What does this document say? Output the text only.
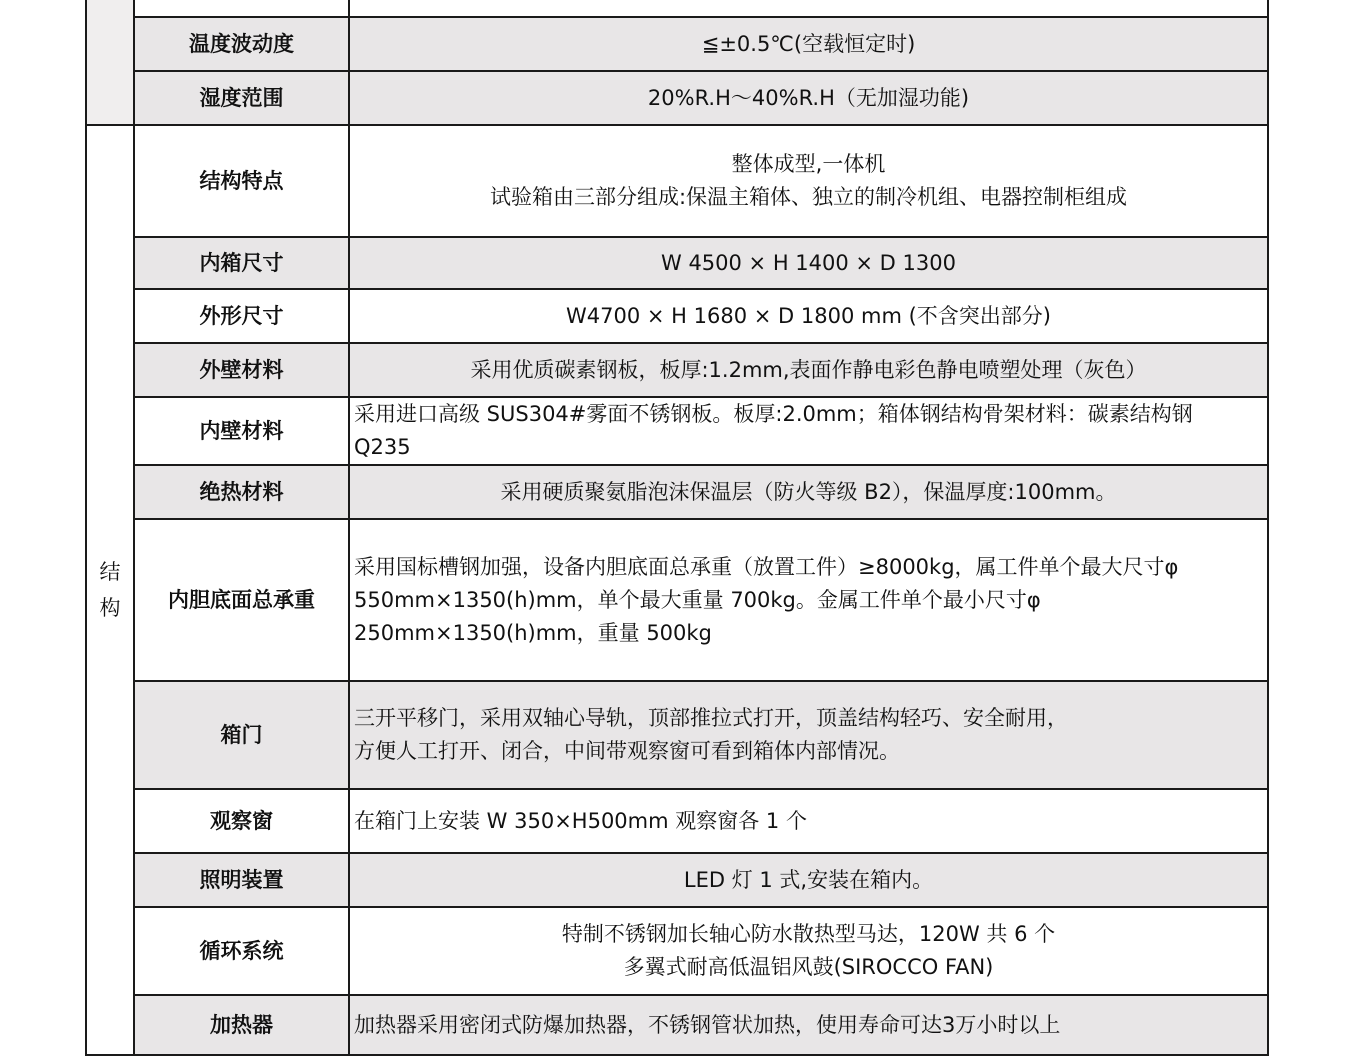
	温度波动度	≦±0.5℃(空载恒定时)

	湿度范围	20%R.H～40%R.H（无加湿功能)

结构	结构特点	整体成型,一体机
试验箱由三部分组成:保温主箱体、独立的制冷机组、电器控制柜组成

	内箱尺寸	W 4500 × H 1400 × D 1300

	外形尺寸	W4700 × H 1680 × D 1800 mm (不含突出部分)

	外壁材料	采用优质碳素钢板，板厚:1.2mm,表面作静电彩色静电喷塑处理（灰色）

	内壁材料	采用进口高级 SUS304#雾面不锈钢板。板厚:2.0mm；箱体钢结构骨架材料：碳素结构钢
Q235

	绝热材料	采用硬质聚氨脂泡沫保温层（防火等级 B2），保温厚度:100mm。

	内胆底面总承重	采用国标槽钢加强，设备内胆底面总承重（放置工件）≥8000kg，属工件单个最大尺寸φ
550mm×1350(h)mm，单个最大重量 700kg。金属工件单个最小尺寸φ
250mm×1350(h)mm，重量 500kg

	箱门	三开平移门，采用双轴心导轨，顶部推拉式打开，顶盖结构轻巧、安全耐用，
方便人工打开、闭合，中间带观察窗可看到箱体内部情况。

	观察窗	在箱门上安装 W 350×H500mm 观察窗各 1 个

	照明装置	LED 灯 1 式,安装在箱内。

	循环系统	特制不锈钢加长轴心防水散热型马达，120W 共 6 个
多翼式耐高低温铝风鼓(SIROCCO FAN)

	加热器	加热器采用密闭式防爆加热器，不锈钢管状加热，使用寿命可达3万小时以上
